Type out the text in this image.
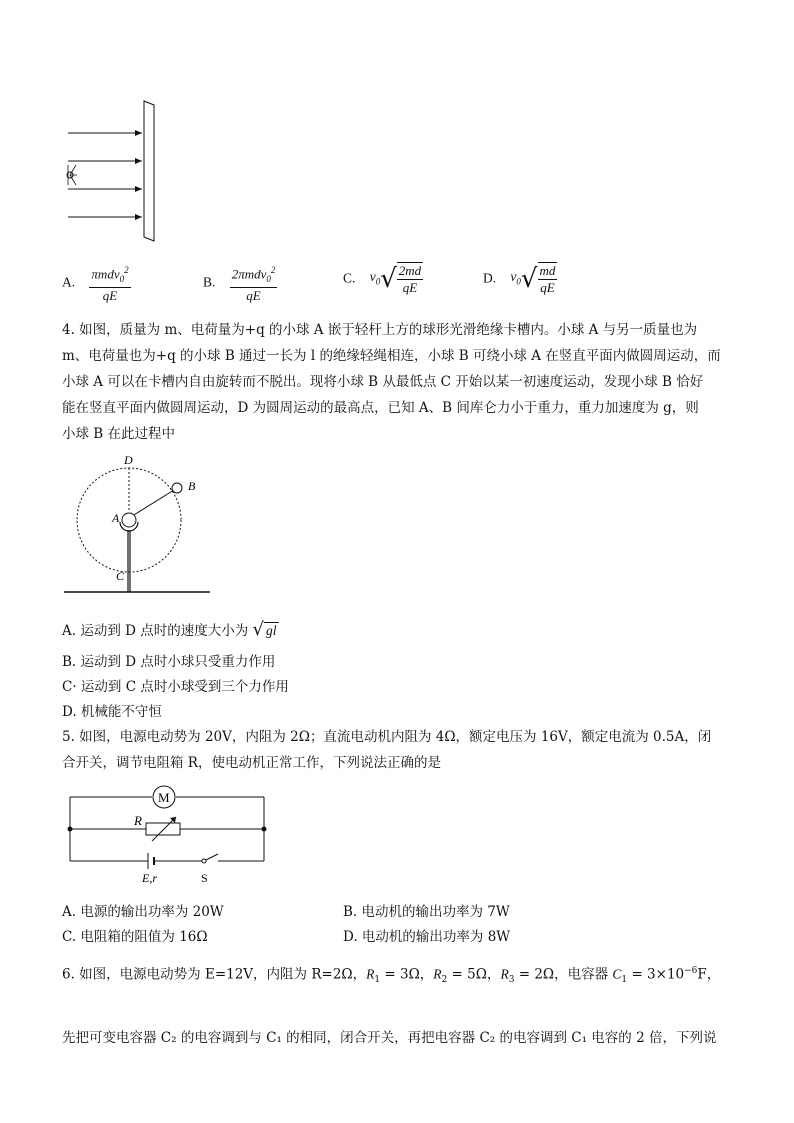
A. $\frac{\pi mdv_0^2}{qE}$	B. $\frac{2\pi mdv_0^2}{qE}$	C. $v_0√ \frac{2md}{qE}$	D. $v_0√ \frac{md}{qE}$
4. 如图，质量为 m、电荷量为+q 的小球 A 嵌于轻杆上方的球形光滑绝缘卡槽内。小球 A 与另一质量也为
m、电荷量也为+q 的小球 B 通过一长为 l 的绝缘轻绳相连，小球 B 可绕小球 A 在竖直平面内做圆周运动，而
小球 A 可以在卡槽内自由旋转而不脱出。现将小球 B 从最低点 C 开始以某一初速度运动，发现小球 B 恰好
能在竖直平面内做圆周运动，D 为圆周运动的最高点，已知 A、B 间库仑力小于重力，重力加速度为 g，则
小球 B 在此过程中
D
B
A
C
A. 运动到 D 点时的速度大小为 √ gl
B. 运动到 D 点时小球只受重力作用
C· 运动到 C 点时小球受到三个力作用
D. 机械能不守恒
5. 如图，电源电动势为 20V，内阻为 2Ω；直流电动机内阻为 4Ω，额定电压为 16V，额定电流为 0.5A，闭
合开关，调节电阻箱 R，使电动机正常工作，下列说法正确的是
M
R
E,r	S
A. 电源的输出功率为 20W	B. 电动机的输出功率为 7W
C. 电阻箱的阻值为 16Ω	D. 电动机的输出功率为 8W
6. 如图，电源电动势为 E=12V，内阻为 R=2Ω，$R_1 = 3\Omega$，$R_2 = 5\Omega$，$R_3 = 2\Omega$，电容器 $C_1 = 3\times 10^{-6}F$，
先把可变电容器 C₂ 的电容调到与 C₁ 的相同，闭合开关，再把电容器 C₂ 的电容调到 C₁ 电容的 2 倍，下列说
